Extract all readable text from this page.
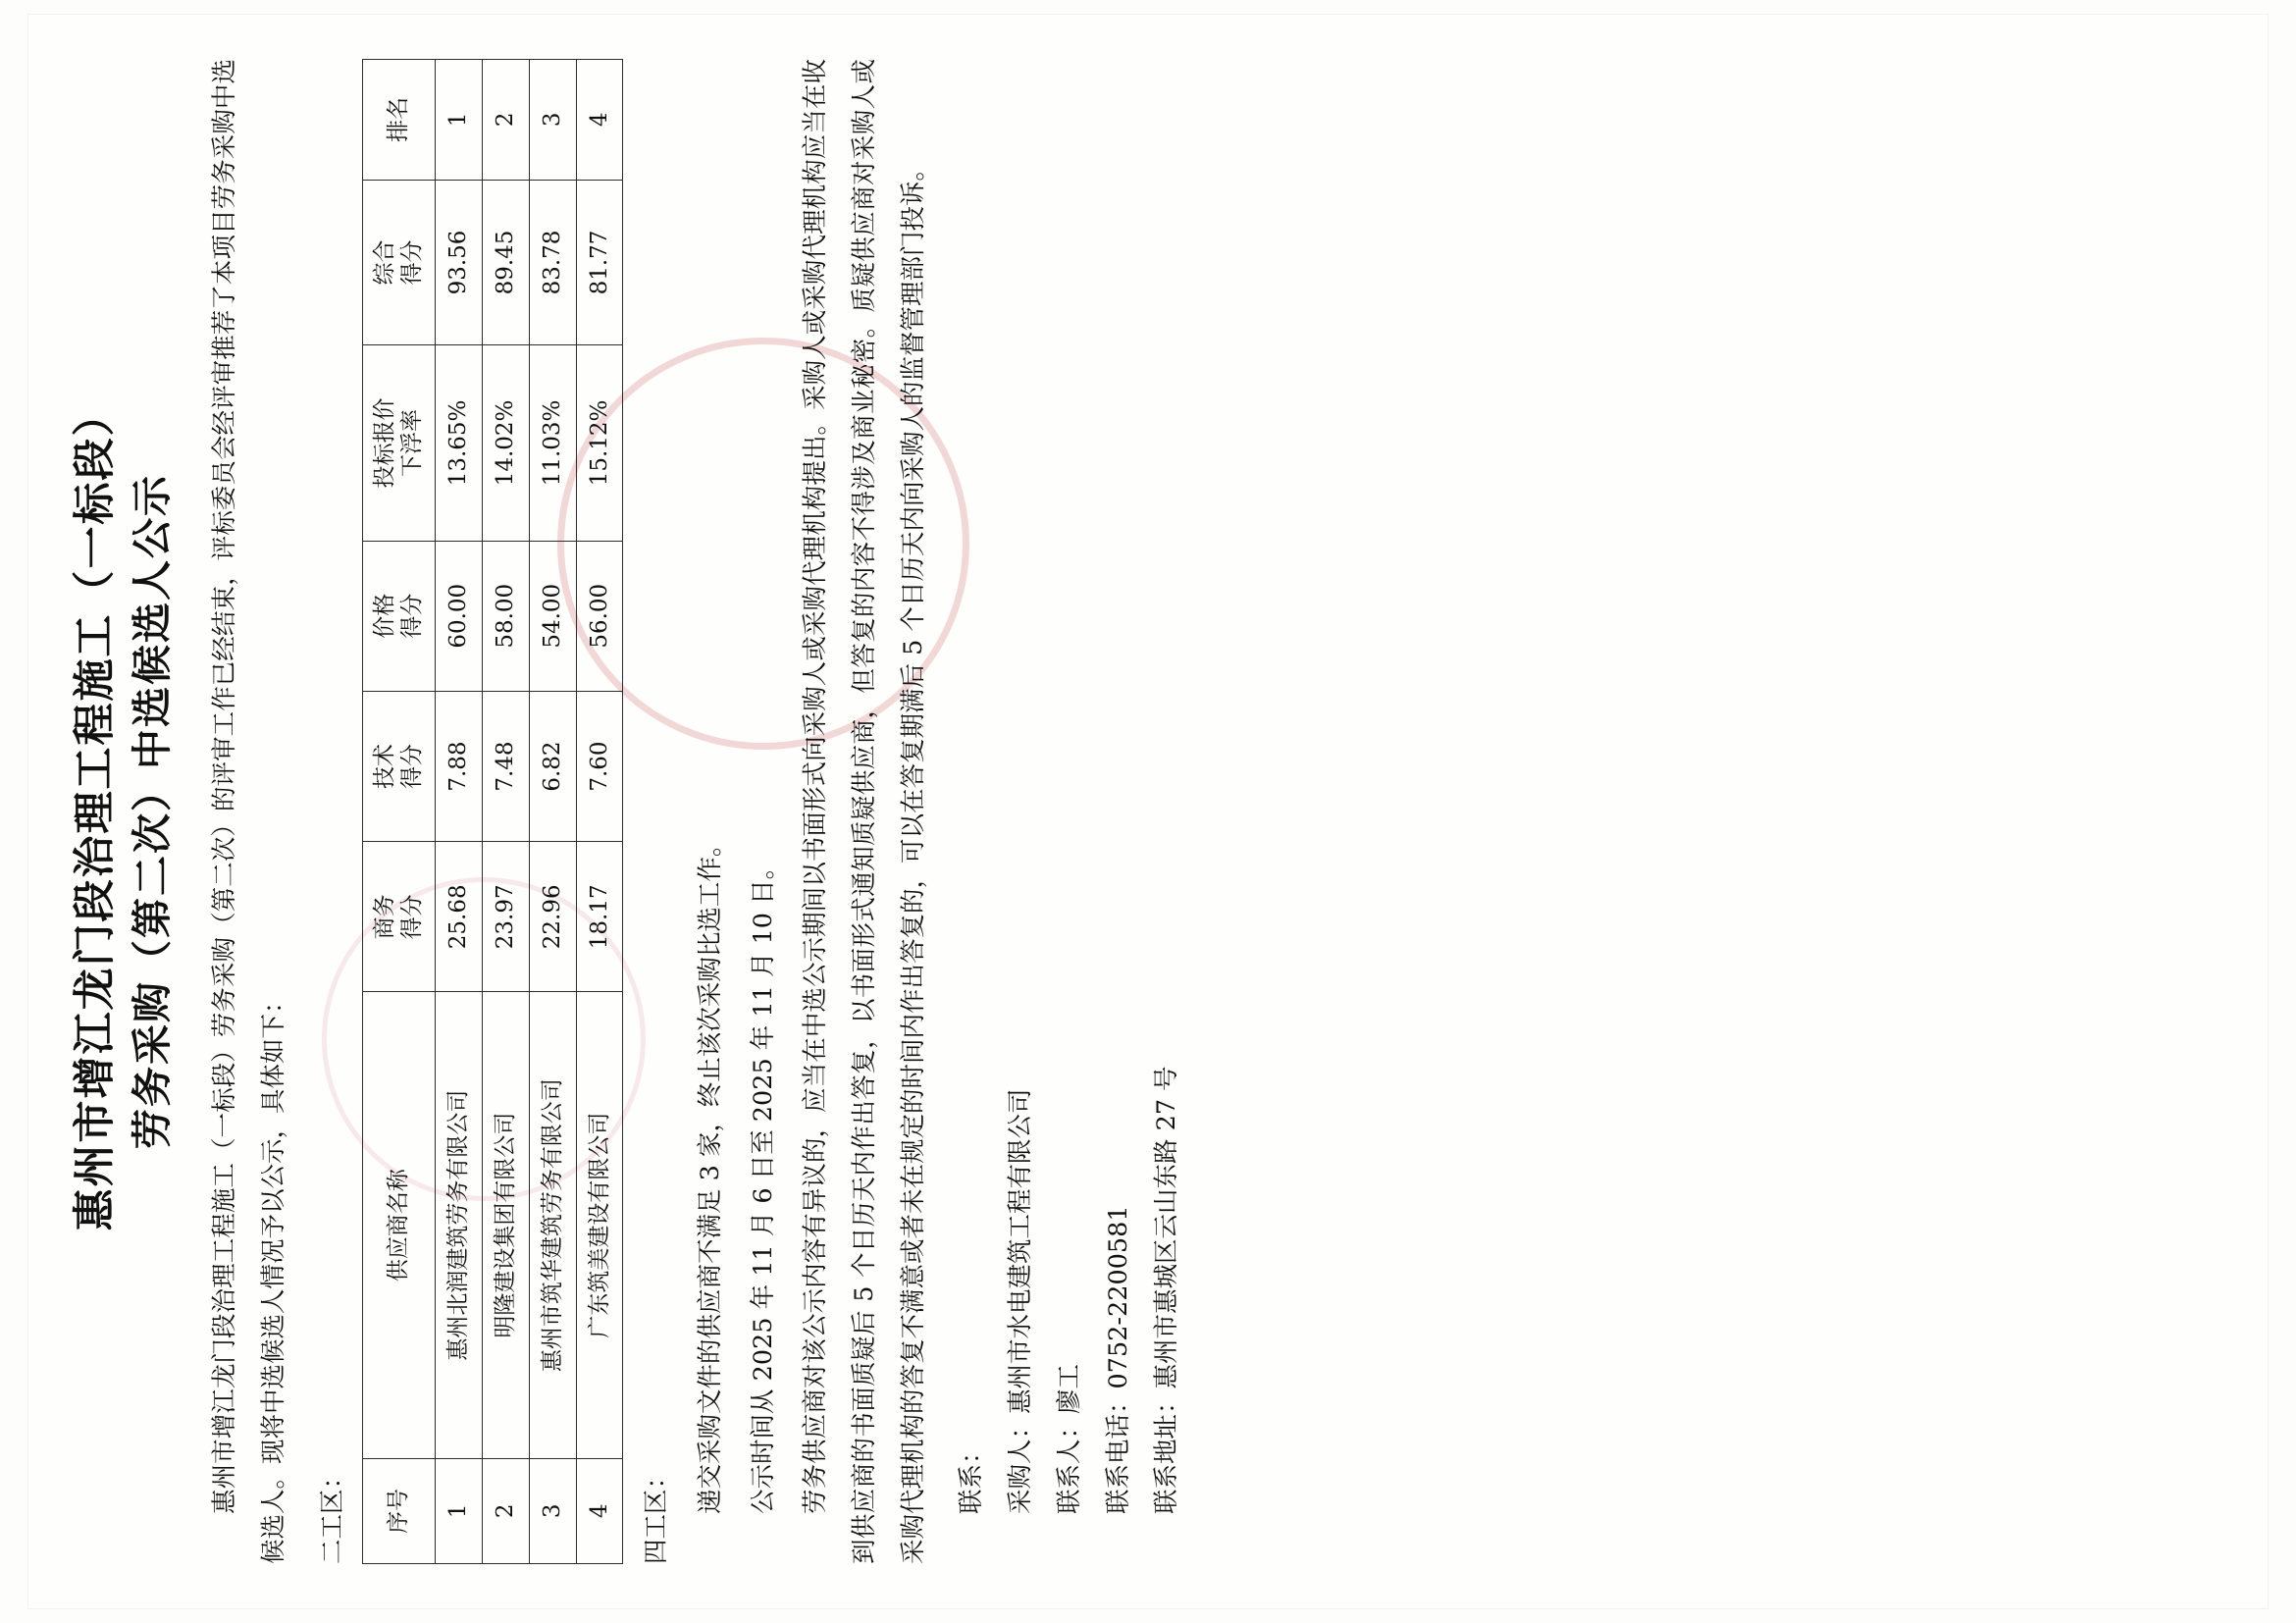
惠州市增江龙门段治理工程施工（一标段） 劳务采购（第二次）中选候选人公示	惠州市增江龙门段治理工程施工（一标段）劳务采购（第二次）的评审工作已经结束，评标委员会经评审推荐了本项目劳务采购中选候选人。现将中选候选人情况予以公示，具体如下：	二工区：	序号	供应商名称	商务 得分	技术 得分	价格 得分	投标报价 下浮率	综合 得分	排名
1	惠州北润建筑劳务有限公司	25.68	7.88	60.00	13.65%	93.56	1
2	明隆建设集团有限公司	23.97	7.48	58.00	14.02%	89.45	2
3	惠州市筑华建筑劳务有限公司	22.96	6.82	54.00	11.03%	83.78	3
4	广东筑美建设有限公司	18.17	7.60	56.00	15.12%	81.77	4
四工区： 递交采购文件的供应商不满足 3 家，终止该次采购比选工作。 公示时间从 2025 年 11 月 6 日至 2025 年 11 月 10 日。 劳务供应商对该公示内容有异议的，应当在中选公示期间以书面形式向采购人或采购代理机构提出。采购人或采购代理机构应当在收到供应商的书面质疑后 5 个日历天内作出答复，以书面形式通知质疑供应商，但答复的内容不得涉及商业秘密。质疑供应商对采购人或采购代理机构的答复不满意或者未在规定的时间内作出答复的，可以在答复期满后 5 个日历天内向采购人的监督管理部门投诉。	联系： 采购人：惠州市水电建筑工程有限公司
联系人：廖工
联系电话：0752-2200581
联系地址：惠州市惠城区云山东路 27 号
